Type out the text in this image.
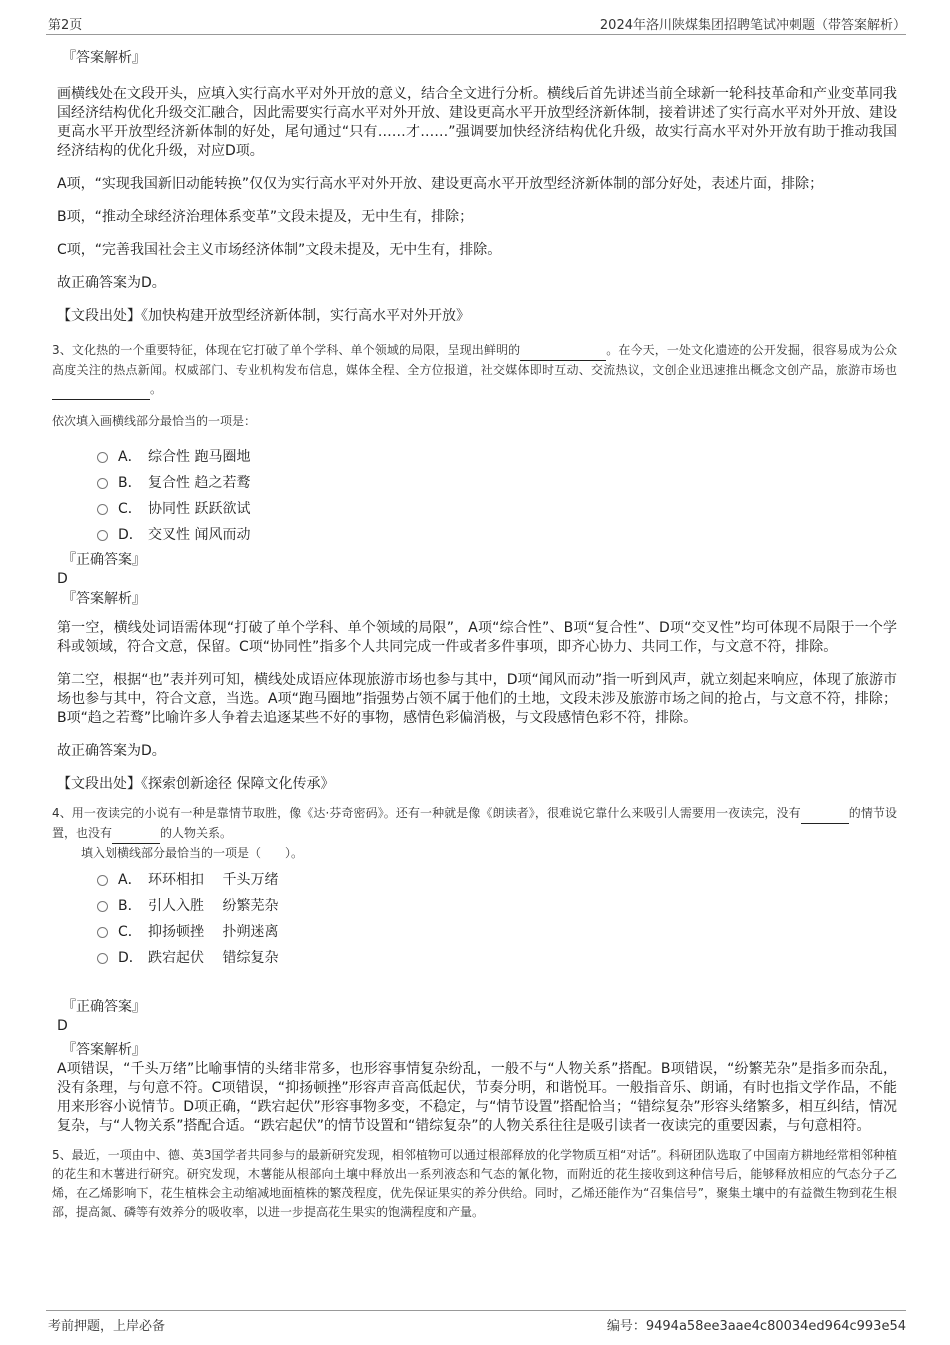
第2页	2024年洛川陕煤集团招聘笔试冲刺题（带答案解析）
『答案解析』

画横线处在文段开头，应填入实行高水平对外开放的意义，结合全文进行分析。横线后首先讲述当前全球新一轮科技革命和产业变革同我国经济结构优化升级交汇融合，因此需要实行高水平对外开放、建设更高水平开放型经济新体制，接着讲述了实行高水平对外开放、建设更高水平开放型经济新体制的好处，尾句通过“只有……才……”强调要加快经济结构优化升级，故实行高水平对外开放有助于推动我国经济结构的优化升级，对应D项。

A项，“实现我国新旧动能转换”仅仅为实行高水平对外开放、建设更高水平开放型经济新体制的部分好处，表述片面，排除；

B项，“推动全球经济治理体系变革”文段未提及，无中生有，排除；

C项，“完善我国社会主义市场经济体制”文段未提及，无中生有，排除。

故正确答案为D。

【文段出处】《加快构建开放型经济新体制，实行高水平对外开放》

3、文化热的一个重要特征，体现在它打破了单个学科、单个领域的局限，呈现出鲜明的	。在今天，一处文化遗迹的公开发掘，很容易成为公众高度关注的热点新闻。权威部门、专业机构发布信息，媒体全程、全方位报道，社交媒体即时互动、交流热议，文创企业迅速推出概念文创产品，旅游市场也 。

依次填入画横线部分最恰当的一项是：

A． 综合性 跑马圈地
B． 复合性 趋之若鹜
C． 协同性 跃跃欲试
D． 交叉性 闻风而动
『正确答案』
D
『答案解析』

第一空，横线处词语需体现“打破了单个学科、单个领域的局限”，A项“综合性”、B项“复合性”、D项“交叉性”均可体现不局限于一个学科或领域，符合文意，保留。C项“协同性”指多个人共同完成一件或者多件事项，即齐心协力、共同工作，与文意不符，排除。

第二空，根据“也”表并列可知，横线处成语应体现旅游市场也参与其中，D项“闻风而动”指一听到风声，就立刻起来响应，体现了旅游市场也参与其中，符合文意，当选。A项“跑马圈地”指强势占领不属于他们的土地，文段未涉及旅游市场之间的抢占，与文意不符，排除；B项“趋之若鹜”比喻许多人争着去追逐某些不好的事物，感情色彩偏消极，与文段感情色彩不符，排除。

故正确答案为D。

【文段出处】《探索创新途径 保障文化传承》

4、用一夜读完的小说有一种是靠情节取胜，像《达·芬奇密码》。还有一种就是像《朗读者》，很难说它靠什么来吸引人需要用一夜读完，没有	的情节设置，也没有	的人物关系。

填入划横线部分最恰当的一项是（　　）。

A． 环环相扣　 千头万绪
B． 引人入胜　 纷繁芜杂
C． 抑扬顿挫　 扑朔迷离
D． 跌宕起伏　 错综复杂
『正确答案』
D
『答案解析』

A项错误，“千头万绪”比喻事情的头绪非常多，也形容事情复杂纷乱，一般不与“人物关系”搭配。B项错误，“纷繁芜杂”是指多而杂乱，没有条理，与句意不符。C项错误，“抑扬顿挫”形容声音高低起伏，节奏分明，和谐悦耳。一般指音乐、朗诵，有时也指文学作品，不能用来形容小说情节。D项正确，“跌宕起伏”形容事物多变，不稳定，与“情节设置”搭配恰当；“错综复杂”形容头绪繁多，相互纠结，情况复杂，与“人物关系”搭配合适。“跌宕起伏”的情节设置和“错综复杂”的人物关系往往是吸引读者一夜读完的重要因素，与句意相符。

5、最近，一项由中、德、英3国学者共同参与的最新研究发现，相邻植物可以通过根部释放的化学物质互相“对话”。科研团队选取了中国南方耕地经常相邻种植的花生和木薯进行研究。研究发现，木薯能从根部向土壤中释放出一系列液态和气态的氰化物，而附近的花生接收到这种信号后，能够释放相应的气态分子乙烯，在乙烯影响下，花生植株会主动缩减地面植株的繁茂程度，优先保证果实的养分供给。同时，乙烯还能作为“召集信号”，聚集土壤中的有益微生物到花生根部，提高氮、磷等有效养分的吸收率，以进一步提高花生果实的饱满程度和产量。

考前押题，上岸必备	编号：9494a58ee3aae4c80034ed964c993e54
